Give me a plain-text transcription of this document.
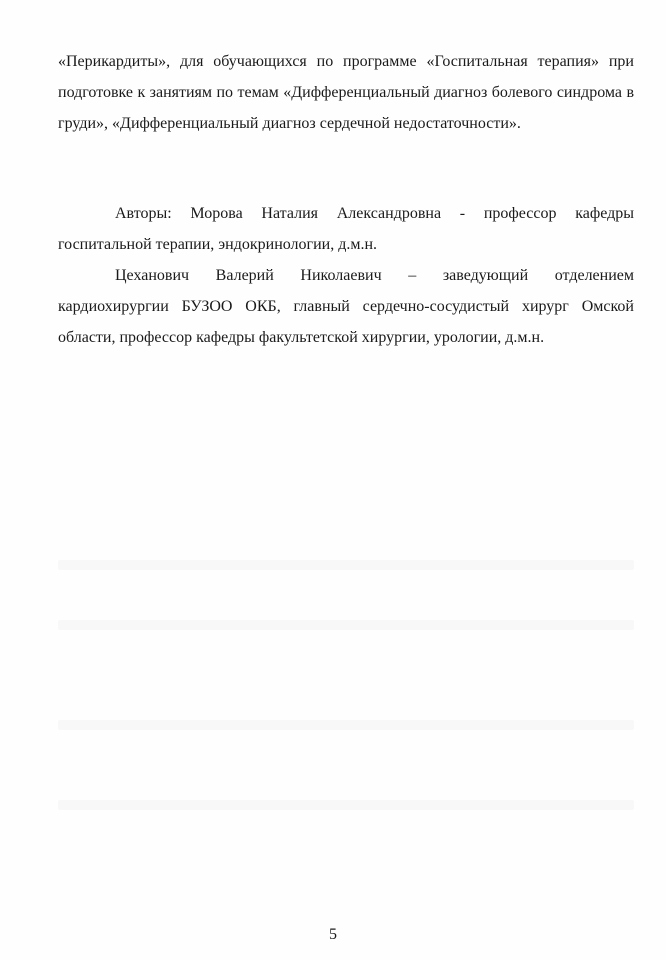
«Перикардиты», для обучающихся по программе «Госпитальная терапия» при подготовке к занятиям по темам «Дифференциальный диагноз болевого синдрома в груди», «Дифференциальный диагноз сердечной недостаточности».

Авторы: Морова Наталия Александровна - профессор кафедры госпитальной терапии, эндокринологии, д.м.н.

Цеханович Валерий Николаевич – заведующий отделением кардиохирургии БУЗОО ОКБ, главный сердечно-сосудистый хирург Омской области, профессор кафедры факультетской хирургии, урологии, д.м.н.

5
